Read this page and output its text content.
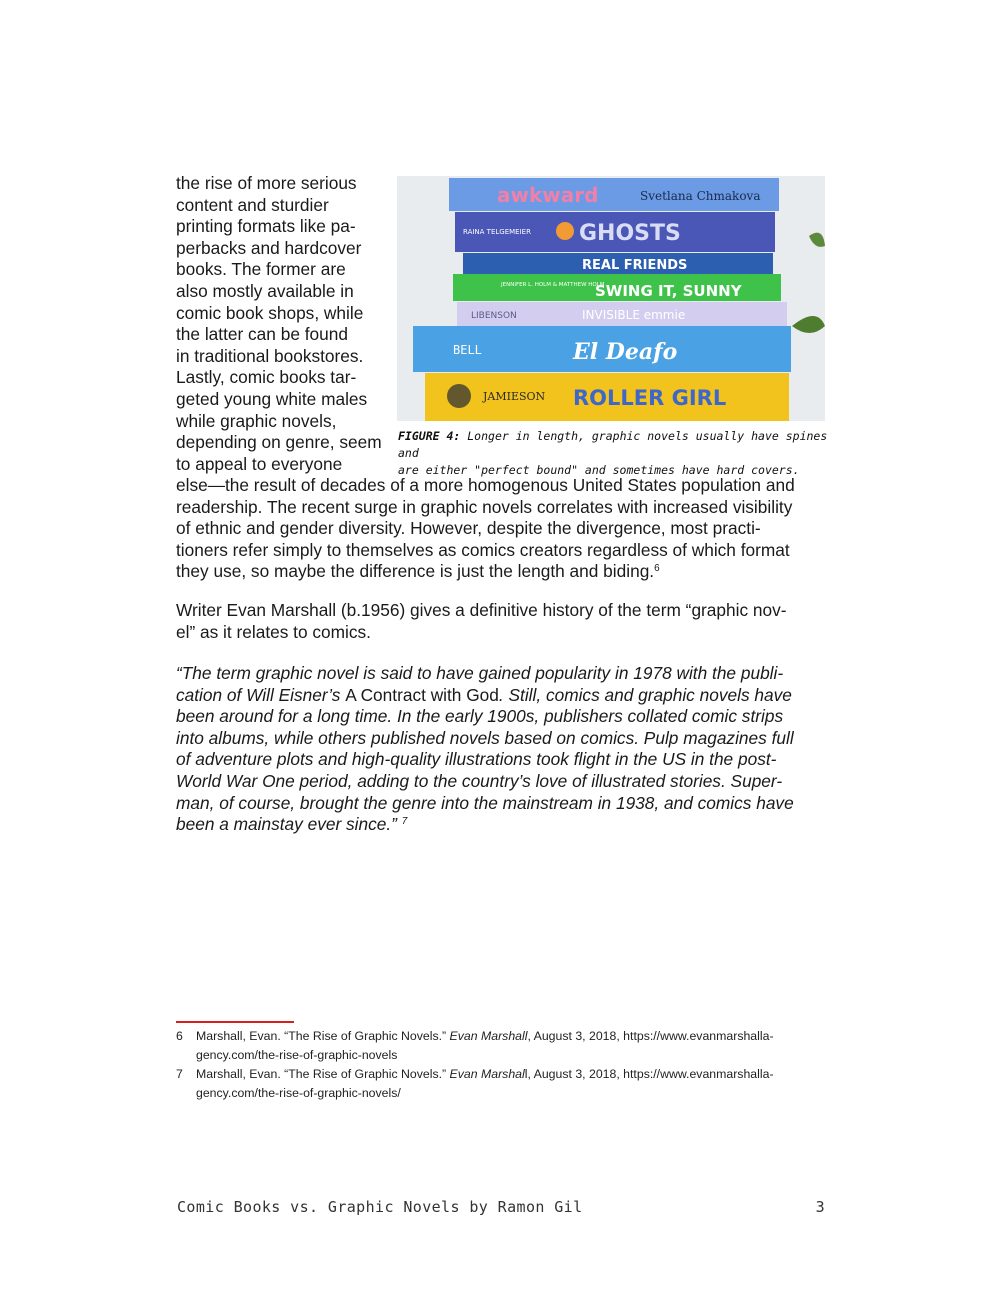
the rise of more serious

content and sturdier

printing formats like pa-

perbacks and hardcover

books. The former are

also mostly available in

comic book shops, while

the latter can be found

in traditional bookstores.

Lastly, comic books tar-

geted young white males

while graphic novels,

depending on genre, seem

to appeal to everyone

awkward	Svetlana Chmakova
RAINA TELGEMEIER GHOSTS
REAL FRIENDS
JENNIFER L. HOLM & MATTHEW HOLM
SWING IT, SUNNY
LIBENSON	INVISIBLE emmie
BELL	El Deafo
JAMIESON ROLLER GIRL
FIGURE 4: Longer in length, graphic novels usually have spines and
are either "perfect bound" and sometimes have hard covers.

else—the result of decades of a more homogenous United States population and

readership. The recent surge in graphic novels correlates with increased visibility

of ethnic and gender diversity. However, despite the divergence, most practi-

tioners refer simply to themselves as comics creators regardless of which format

they use, so maybe the difference is just the length and biding.$^6$

Writer Evan Marshall (b.1956) gives a definitive history of the term “graphic nov-

el” as it relates to comics.

“The term graphic novel is said to have gained popularity in 1978 with the publi-

cation of Will Eisner’s A Contract with God. Still, comics and graphic novels have

been around for a long time. In the early 1900s, publishers collated comic strips

into albums, while others published novels based on comics. Pulp magazines full

of adventure plots and high-quality illustrations took flight in the US in the post-

World War One period, adding to the country’s love of illustrated stories. Super-

man, of course, brought the genre into the mainstream in 1938, and comics have

been a mainstay ever since.” $^7$

6	Marshall, Evan. “The Rise of Graphic Novels.” Evan Marshall, August 3, 2018, https://www.evanmarshalla-
gency.com/the-rise-of-graphic-novels
7	Marshall, Evan. “The Rise of Graphic Novels.” Evan Marshall, August 3, 2018, https://www.evanmarshalla-
gency.com/the-rise-of-graphic-novels/
Comic Books vs. Graphic Novels by Ramon Gil	3
